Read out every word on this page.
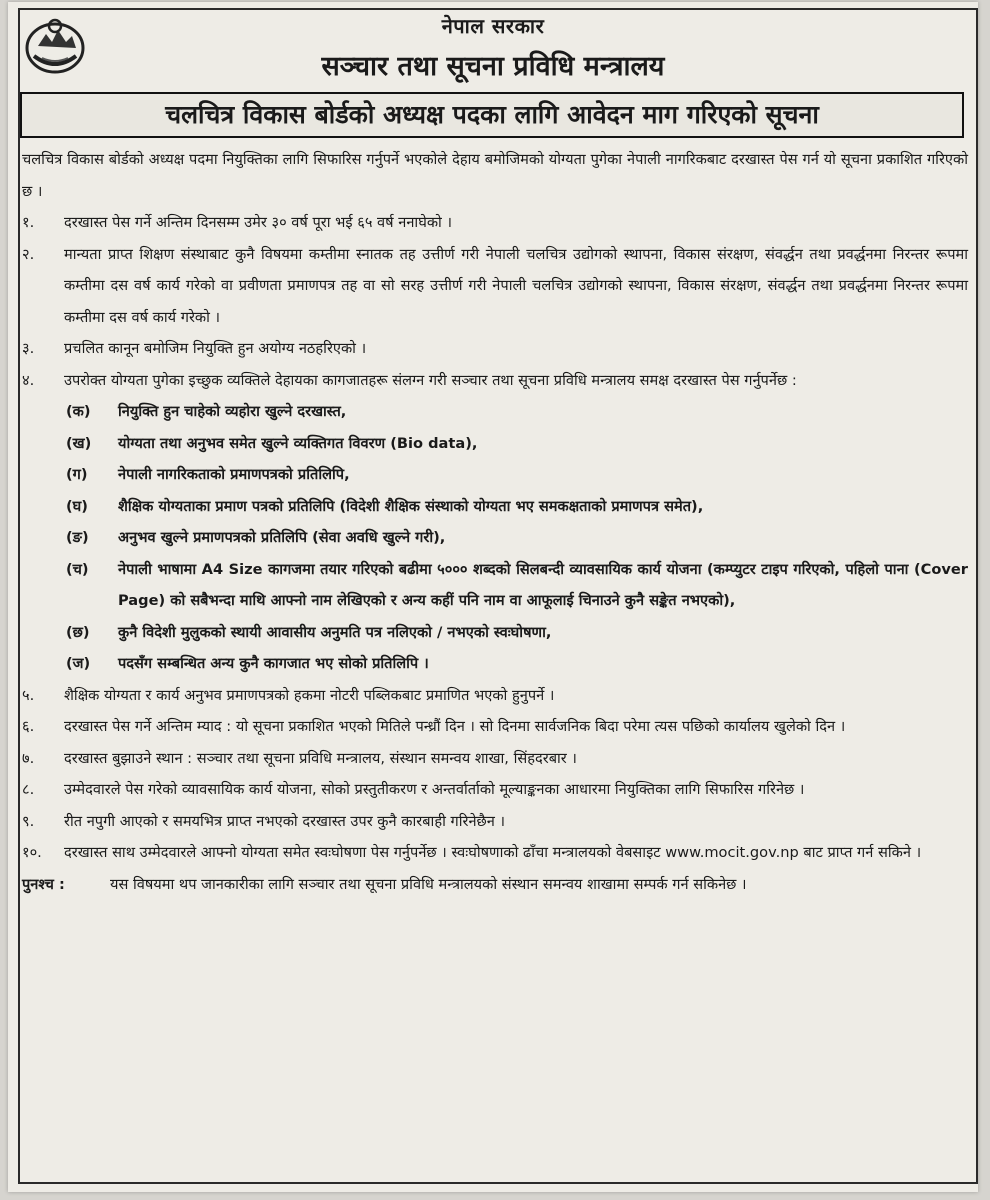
नेपाल सरकार
सञ्चार तथा सूचना प्रविधि मन्त्रालय
चलचित्र विकास बोर्डको अध्यक्ष पदका लागि आवेदन माग गरिएको सूचना
चलचित्र विकास बोर्डको अध्यक्ष पदमा नियुक्तिका लागि सिफारिस गर्नुपर्ने भएकोले देहाय बमोजिमको योग्यता पुगेका नेपाली नागरिकबाट दरखास्त पेस गर्न यो सूचना प्रकाशित गरिएको छ ।
१.	दरखास्त पेस गर्ने अन्तिम दिनसम्म उमेर ३० वर्ष पूरा भई ६५ वर्ष ननाघेको ।
२.	मान्यता प्राप्त शिक्षण संस्थाबाट कुनै विषयमा कम्तीमा स्नातक तह उत्तीर्ण गरी नेपाली चलचित्र उद्योगको स्थापना, विकास संरक्षण, संवर्द्धन तथा प्रवर्द्धनमा निरन्तर रूपमा कम्तीमा दस वर्ष कार्य गरेको वा प्रवीणता प्रमाणपत्र तह वा सो सरह उत्तीर्ण गरी नेपाली चलचित्र उद्योगको स्थापना, विकास संरक्षण, संवर्द्धन तथा प्रवर्द्धनमा निरन्तर रूपमा कम्तीमा दस वर्ष कार्य गरेको ।
३.	प्रचलित कानून बमोजिम नियुक्ति हुन अयोग्य नठहरिएको ।
४.	उपरोक्त योग्यता पुगेका इच्छुक व्यक्तिले देहायका कागजातहरू संलग्न गरी सञ्चार तथा सूचना प्रविधि मन्त्रालय समक्ष दरखास्त पेस गर्नुपर्नेछ :
(क)	नियुक्ति हुन चाहेको व्यहोरा खुल्ने दरखास्त,
(ख)	योग्यता तथा अनुभव समेत खुल्ने व्यक्तिगत विवरण (Bio data),
(ग)	नेपाली नागरिकताको प्रमाणपत्रको प्रतिलिपि,
(घ)	शैक्षिक योग्यताका प्रमाण पत्रको प्रतिलिपि (विदेशी शैक्षिक संस्थाको योग्यता भए समकक्षताको प्रमाणपत्र समेत),
(ङ)	अनुभव खुल्ने प्रमाणपत्रको प्रतिलिपि (सेवा अवधि खुल्ने गरी),
(च)	नेपाली भाषामा A4 Size कागजमा तयार गरिएको बढीमा ५००० शब्दको सिलबन्दी व्यावसायिक कार्य योजना (कम्प्युटर टाइप गरिएको, पहिलो पाना (Cover Page) को सबैभन्दा माथि आफ्नो नाम लेखिएको र अन्य कहीं पनि नाम वा आफूलाई चिनाउने कुनै सङ्केत नभएको),
(छ)	कुनै विदेशी मुलुकको स्थायी आवासीय अनुमति पत्र नलिएको / नभएको स्वःघोषणा,
(ज)	पदसँग सम्बन्धित अन्य कुनै कागजात भए सोको प्रतिलिपि ।
५.	शैक्षिक योग्यता र कार्य अनुभव प्रमाणपत्रको हकमा नोटरी पब्लिकबाट प्रमाणित भएको हुनुपर्ने ।
६.	दरखास्त पेस गर्ने अन्तिम म्याद : यो सूचना प्रकाशित भएको मितिले पन्ध्रौं दिन । सो दिनमा सार्वजनिक बिदा परेमा त्यस पछिको कार्यालय खुलेको दिन ।
७.	दरखास्त बुझाउने स्थान : सञ्चार तथा सूचना प्रविधि मन्त्रालय, संस्थान समन्वय शाखा, सिंहदरबार ।
८.	उम्मेदवारले पेस गरेको व्यावसायिक कार्य योजना, सोको प्रस्तुतीकरण र अन्तर्वार्ताको मूल्याङ्कनका आधारमा नियुक्तिका लागि सिफारिस गरिनेछ ।
९.	रीत नपुगी आएको र समयभित्र प्राप्त नभएको दरखास्त उपर कुनै कारबाही गरिनेछैन ।
१०.	दरखास्त साथ उम्मेदवारले आफ्नो योग्यता समेत स्वःघोषणा पेस गर्नुपर्नेछ । स्वःघोषणाको ढाँचा मन्त्रालयको वेबसाइट www.mocit.gov.np बाट प्राप्त गर्न सकिने ।
पुनश्च :	यस विषयमा थप जानकारीका लागि सञ्चार तथा सूचना प्रविधि मन्त्रालयको संस्थान समन्वय शाखामा सम्पर्क गर्न सकिनेछ ।
